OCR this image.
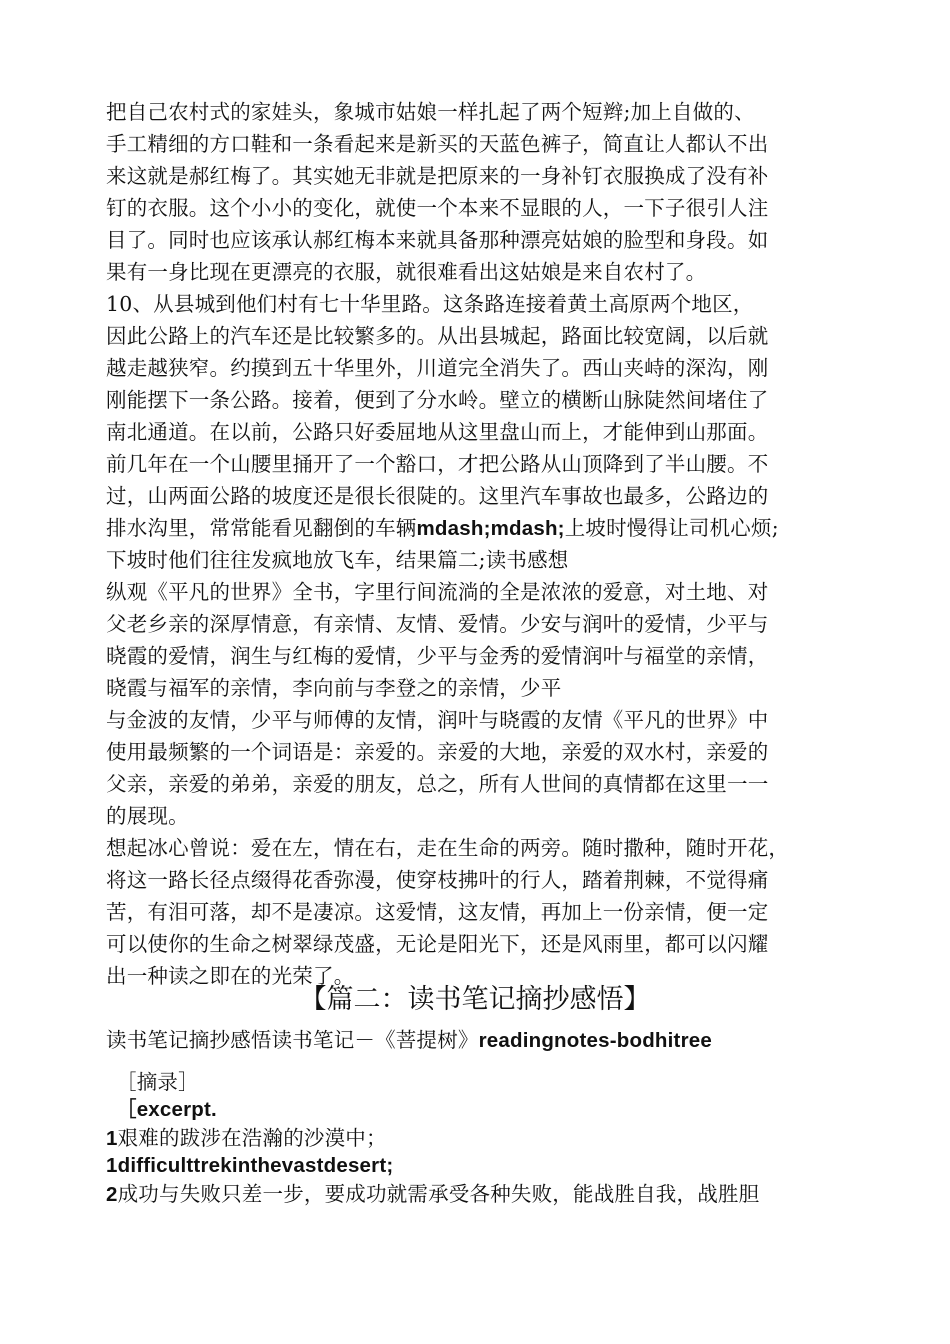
把自己农村式的家娃头，象城市姑娘一样扎起了两个短辫;加上自做的、
手工精细的方口鞋和一条看起来是新买的天蓝色裤子，简直让人都认不出
来这就是郝红梅了。其实她无非就是把原来的一身补钉衣服换成了没有补
钉的衣服。这个小小的变化，就使一个本来不显眼的人，一下子很引人注
目了。同时也应该承认郝红梅本来就具备那种漂亮姑娘的脸型和身段。如
果有一身比现在更漂亮的衣服，就很难看出这姑娘是来自农村了。
10、从县城到他们村有七十华里路。这条路连接着黄土高原两个地区，
因此公路上的汽车还是比较繁多的。从出县城起，路面比较宽阔，以后就
越走越狭窄。约摸到五十华里外，川道完全消失了。西山夹峙的深沟，刚
刚能摆下一条公路。接着，便到了分水岭。壁立的横断山脉陡然间堵住了
南北通道。在以前，公路只好委屈地从这里盘山而上，才能伸到山那面。
前几年在一个山腰里捅开了一个豁口，才把公路从山顶降到了半山腰。不
过，山两面公路的坡度还是很长很陡的。这里汽车事故也最多，公路边的
排水沟里，常常能看见翻倒的车辆mdash;mdash;上坡时慢得让司机心烦;
下坡时他们往往发疯地放飞车，结果篇二;读书感想
纵观《平凡的世界》全书，字里行间流淌的全是浓浓的爱意，对土地、对
父老乡亲的深厚情意，有亲情、友情、爱情。少安与润叶的爱情，少平与
晓霞的爱情，润生与红梅的爱情，少平与金秀的爱情润叶与福堂的亲情，
晓霞与福军的亲情，李向前与李登之的亲情，少平
与金波的友情，少平与师傅的友情，润叶与晓霞的友情《平凡的世界》中
使用最频繁的一个词语是：亲爱的。亲爱的大地，亲爱的双水村，亲爱的
父亲，亲爱的弟弟，亲爱的朋友，总之，所有人世间的真情都在这里一一
的展现。
想起冰心曾说：爱在左，情在右，走在生命的两旁。随时撒种，随时开花，
将这一路长径点缀得花香弥漫，使穿枝拂叶的行人，踏着荆棘，不觉得痛
苦，有泪可落，却不是凄凉。这爱情，这友情，再加上一份亲情，便一定
可以使你的生命之树翠绿茂盛，无论是阳光下，还是风雨里，都可以闪耀
出一种读之即在的光荣了。
【篇二：读书笔记摘抄感悟】
读书笔记摘抄感悟读书笔记－《菩提树》readingnotes-bodhitree
［摘录］
［excerpt.
1艰难的跋涉在浩瀚的沙漠中；
1difficulttrekinthevastdesert;
2成功与失败只差一步，要成功就需承受各种失败，能战胜自我，战胜胆
